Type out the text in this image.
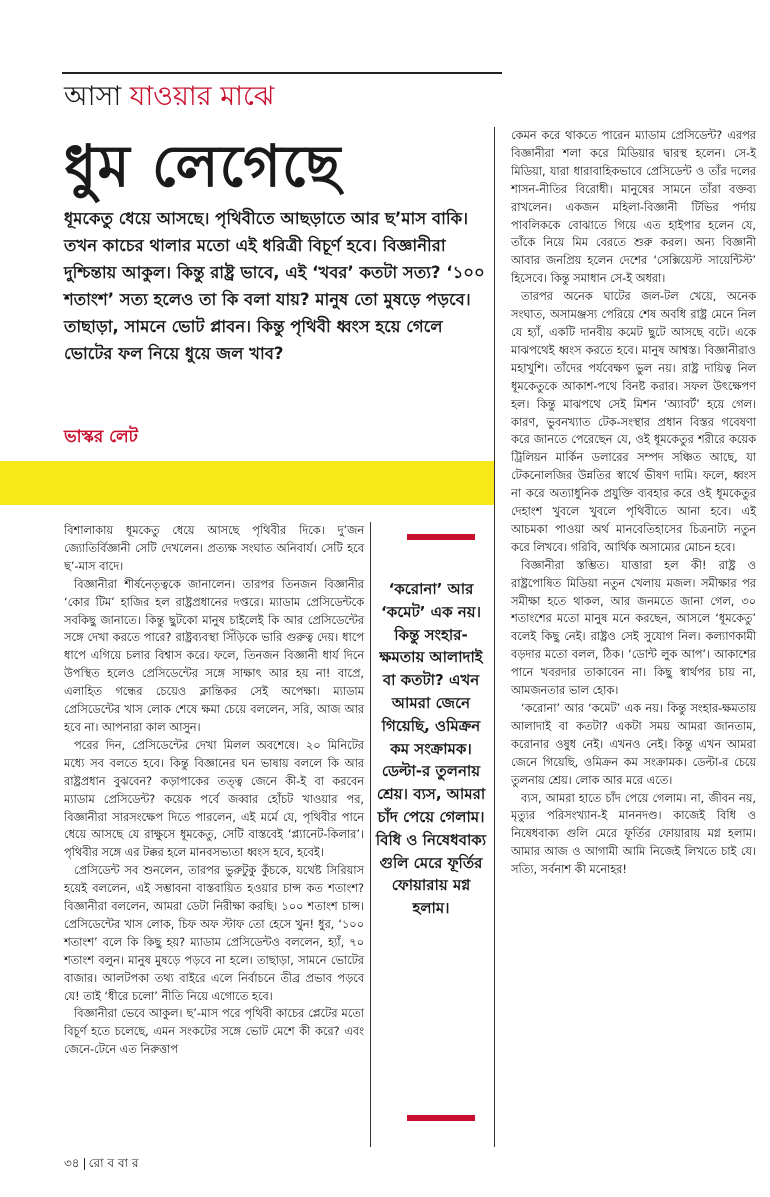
আসা যাওয়ার মাঝে
ধুম লেগেছে
ধূমকেতু ধেয়ে আসছে। পৃথিবীতে আছড়াতে আর ছ’মাস বাকি। তখন কাচের থালার মতো এই ধরিত্রী বিচূর্ণ হবে। বিজ্ঞানীরা দুশ্চিন্তায় আকুল। কিন্তু রাষ্ট্র ভাবে, এই ‘খবর’ কতটা সত্য? ‘১০০ শতাংশ’ সত্য হলেও তা কি বলা যায়? মানুষ তো মুষড়ে পড়বে। তাছাড়া, সামনে ভোট প্লাবন। কিন্তু পৃথিবী ধ্বংস হয়ে গেলে ভোটের ফল নিয়ে ধুয়ে জল খাব?
ভাস্কর লেট

বিশালাকায় ধূমকেতু ধেয়ে আসছে পৃথিবীর দিকে। দু’জন জ্যোতির্বিজ্ঞানী সেটি দেখলেন। প্রত্যক্ষ সংঘাত অনিবার্য। সেটি হবে ছ’-মাস বাদে।

বিজ্ঞানীরা শীর্ষনেতৃত্বকে জানালেন। তারপর তিনজন বিজ্ঞানীর ‘কোর টিম’ হাজির হল রাষ্ট্রপ্রধানের দপ্তরে। ম্যাডাম প্রেসিডেন্টকে সবকিছু জানাতে। কিন্তু ছুটকো মানুষ চাইলেই কি আর প্রেসিডেন্টের সঙ্গে দেখা করতে পারে? রাষ্ট্রব্যবস্থা সিঁড়িকে ভারি গুরুত্ব দেয়। ধাপে ধাপে এগিয়ে চলার বিশ্বাস করে। ফলে, তিনজন বিজ্ঞানী ধার্য দিনে উপস্থিত হলেও প্রেসিডেন্টের সঙ্গে সাক্ষাৎ আর হয় না! বাপ্রে, এলাহিত গন্ধের চেয়েও ক্লান্তিকর সেই অপেক্ষা। ম্যাডাম প্রেসিডেন্টের খাস লোক শেষে ক্ষমা চেয়ে বললেন, সরি, আজ আর হবে না। আপনারা কাল আসুন।

পরের দিন, প্রেসিডেন্টের দেখা মিলল অবশেষে। ২০ মিনিটের মধ্যে সব বলতে হবে। কিন্তু বিজ্ঞানের ঘন ভাষায় বললে কি আর রাষ্ট্রপ্রধান বুঝবেন? কড়াপাকের তত্ত্ব জেনে কী-ই বা করবেন ম্যাডাম প্রেসিডেন্ট? কয়েক পর্বে জব্বার হোঁচট খাওয়ার পর, বিজ্ঞানীরা সারসংক্ষেপ দিতে পারলেন, এই মর্মে যে, পৃথিবীর পানে ধেয়ে আসছে যে রাক্ষুসে ধূমকেতু, সেটি বাস্তবেই ‘প্ল্যানেট-কিলার’। পৃথিবীর সঙ্গে এর টক্কর হলে মানবসভ্যতা ধ্বংস হবে, হবেই।

প্রেসিডেন্ট সব শুনলেন, তারপর ভুরুটুকু কুঁচকে, যথেষ্ট সিরিয়াস হয়েই বললেন, এই সম্ভাবনা বাস্তবায়িত হওয়ার চান্স কত শতাংশ? বিজ্ঞানীরা বললেন, আমরা ডেটা নিরীক্ষা করছি। ১০০ শতাংশ চান্স। প্রেসিডেন্টের খাস লোক, চিফ অফ স্টাফ তো হেসে খুন! ধুর, ‘১০০ শতাংশ’ বলে কি কিছু হয়? ম্যাডাম প্রেসিডেন্টও বললেন, হ্যাঁ, ৭০ শতাংশ বলুন। মানুষ মুষড়ে পড়বে না হলে। তাছাড়া, সামনে ভোটের বাজার। আলটপকা তথ্য বাইরে এলে নির্বাচনে তীব্র প্রভাব পড়বে যে! তাই ‘ধীরে চলো’ নীতি নিয়ে এগোতে হবে।

বিজ্ঞানীরা ভেবে আকুল। ছ’-মাস পরে পৃথিবী কাচের প্লেটের মতো বিচূর্ণ হতে চলেছে, এমন সংকটের সঙ্গে ভোট মেশে কী করে? এবং জেনে-টেনে এত নিরুত্তাপ

‘করোনা’ আর ‘কমেট’ এক নয়। কিন্তু সংহার-ক্ষমতায় আলাদাই বা কতটা? এখন আমরা জেনে গিয়েছি, ওমিক্রন কম সংক্রামক। ডেল্টা-র তুলনায় শ্রেয়। ব্যস, আমরা চাঁদ পেয়ে গেলাম। বিধি ও নিষেধবাক্য গুলি মেরে ফূর্তির ফোয়ারায় মগ্ন হলাম।

কেমন করে থাকতে পারেন ম্যাডাম প্রেসিডেন্ট? এরপর বিজ্ঞানীরা শলা করে মিডিয়ার দ্বারস্থ হলেন। সে-ই মিডিয়া, যারা ধারাবাহিকভাবে প্রেসিডেন্ট ও তাঁর দলের শাসন-নীতির বিরোধী। মানুষের সামনে তাঁরা বক্তব্য রাখলেন। একজন মহিলা-বিজ্ঞানী টিভির পর্দায় পাবলিককে বোঝাতে গিয়ে এত হাইপার হলেন যে, তাঁকে নিয়ে মিম বেরতে শুরু করল। অন্য বিজ্ঞানী আবার জনপ্রিয় হলেন দেশের ‘সেক্সিয়েস্ট সায়েন্টিস্ট’ হিসেবে। কিন্তু সমাধান সে-ই অধরা।

তারপর অনেক ঘাটের জল-টল খেয়ে, অনেক সংঘাত, অসামঞ্জস্য পেরিয়ে শেষ অবধি রাষ্ট্র মেনে নিল যে হ্যাঁ, একটি দানবীয় কমেট ছুটে আসছে বটে। একে মাঝপথেই ধ্বংস করতে হবে। মানুষ আশ্বস্ত। বিজ্ঞানীরাও মহাখুশি। তাঁদের পর্যবেক্ষণ ভুল নয়। রাষ্ট্র দায়িত্ব নিল ধূমকেতুকে আকাশ-পথে বিনষ্ট করার। সফল উৎক্ষেপণ হল। কিন্তু মাঝপথে সেই মিশন ‘অ্যাবর্ট’ হয়ে গেল। কারণ, ভুবনখ্যাত টেক-সংস্থার প্রধান বিস্তর গবেষণা করে জানতে পেরেছেন যে, ওই ধূমকেতুর শরীরে কয়েক ট্রিলিয়ন মার্কিন ডলারের সম্পদ সঞ্চিত আছে, যা টেকনোলজির উন্নতির স্বার্থে ভীষণ দামি। ফলে, ধ্বংস না করে অত্যাধুনিক প্রযুক্তি ব্যবহার করে ওই ধূমকেতুর দেহাংশ খুবলে খুবলে পৃথিবীতে আনা হবে। এই আচমকা পাওয়া অর্থ মানবেতিহাসের চিত্রনাট্য নতুন করে লিখবে। গরিবি, আর্থিক অসাম্যের মোচন হবে।

বিজ্ঞানীরা স্তম্ভিত। যাত্তারা হল কী! রাষ্ট্র ও রাষ্ট্রপোষিত মিডিয়া নতুন খেলায় মজল। সমীক্ষার পর সমীক্ষা হতে থাকল, আর জনমতে জানা গেল, ৩০ শতাংশের মতো মানুষ মনে করছেন, আসলে ‘ধূমকেতু’ বলেই কিছু নেই। রাষ্ট্রও সেই সুযোগ নিল। কল্যাণকামী বড়দার মতো বলল, ঠিক। ‘ডোন্ট লুক আপ’। আকাশের পানে খবরদার তাকাবেন না। কিছু স্বার্থপর চায় না, আমজনতার ভাল হোক।

‘করোনা’ আর ‘কমেট’ এক নয়। কিন্তু সংহার-ক্ষমতায় আলাদাই বা কতটা? একটা সময় আমরা জানতাম, করোনার ওষুধ নেই। এখনও নেই। কিন্তু এখন আমরা জেনে গিয়েছি, ওমিক্রন কম সংক্রামক। ডেল্টা-র চেয়ে তুলনায় শ্রেয়। লোক আর মরে এতে।

ব্যস, আমরা হাতে চাঁদ পেয়ে গেলাম। না, জীবন নয়, মৃত্যুর পরিসংখ্যান-ই মাননদণ্ড। কাজেই বিধি ও নিষেধবাক্য গুলি মেরে ফূর্তির ফোয়ারায় মগ্ন হলাম। আমার আজ ও আগামী আমি নিজেই লিখতে চাই যে। সত্যি, সর্বনাশ কী মনোহর!

৩৪ রো ব বা র
